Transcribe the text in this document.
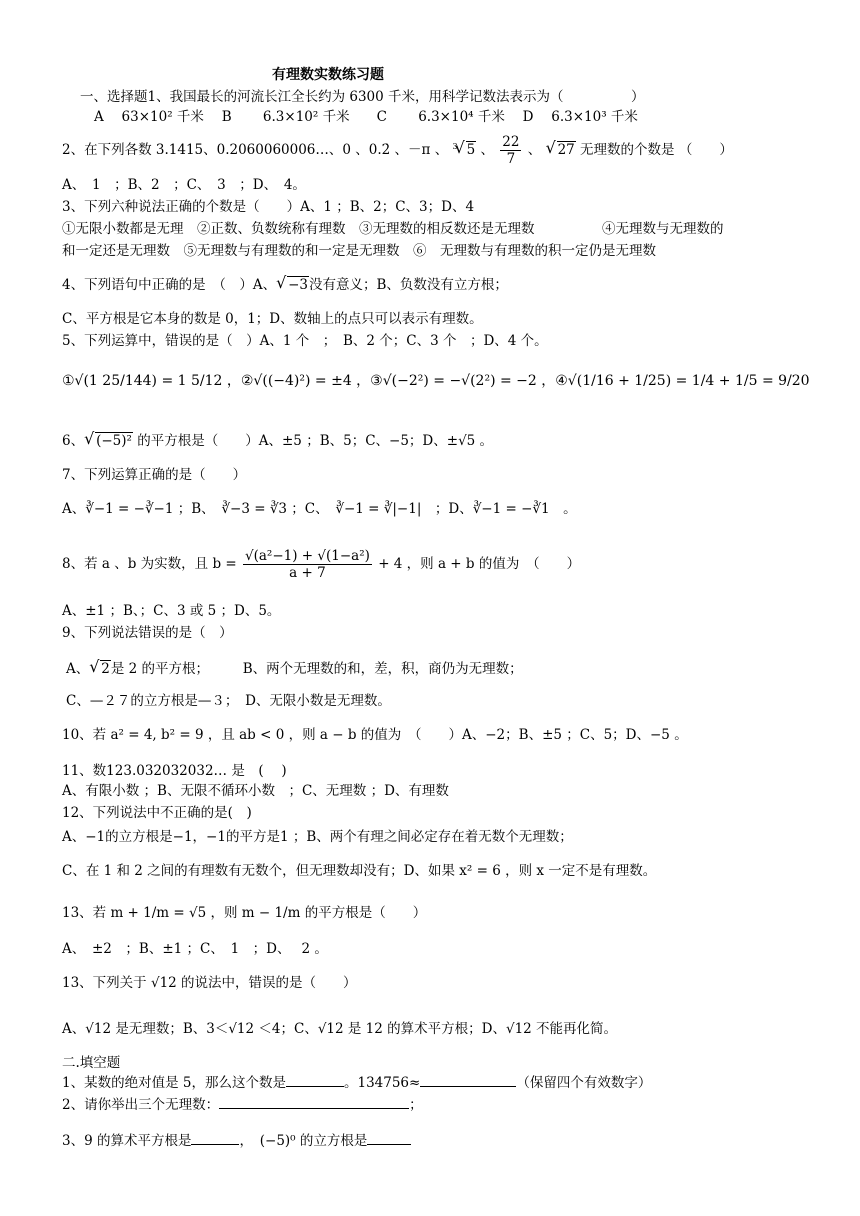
有理数实数练习题
一、选择题1、我国最长的河流长江全长约为 6300 千米，用科学记数法表示为（　　　　　）
A　 63×10² 千米　 B　　 6.3×10² 千米　　C　　 6.3×10⁴ 千米　 D　 6.3×10³ 千米
2、在下列各数 3.1415、0.2060060006…、0 、0.2̇ 、－π 、 $^3$ √ 5 、 $\frac{22}{7}$ 、 √ 27 无理数的个数是 （　　）
A、　1　；B、2　；C、　3　；D、　4。
3、下列六种说法正确的个数是（　　）A、1 ；B、2；C、3；D、4
①无限小数都是无理　②正数、负数统称有理数　③无理数的相反数还是无理数　　　　　④无理数与无理数的
和一定还是无理数　⑤无理数与有理数的和一定是无理数　⑥　无理数与有理数的积一定仍是无理数
4、下列语句中正确的是　（　）A、 √ −3没有意义；B、负数没有立方根；
C、平方根是它本身的数是 0，1；D、数轴上的点只可以表示有理数。
5、下列运算中，错误的是（　）A、1 个　；　B、2 个；C、3 个　；D、4 个。
①√(1 25/144) = 1 5/12 ，②√((−4)²) = ±4 ，③√(−2²) = −√(2²) = −2 ，④√(1/16 + 1/25) = 1/4 + 1/5 = 9/20
6、 √ (−5)² 的平方根是（　　）A、±5 ；B、5；C、−5；D、±√5 。
7、下列运算正确的是（　　）
A、∛−1 = −∛−1 ；B、　∛−3 = ∛3 ；C、　∛−1 = ∛|−1|　；D、∛−1 = −∛1　。
8、若 a 、b 为实数，且 $b = \frac{\text{√(a²−1) + √(1−a²)}}{a + 7} + 4$ ，则 a + b 的值为　（　　）
A、±1 ；B、；C、3 或 5 ；D、5。
9、下列说法错误的是（　）
A、 √ 2是 2 的平方根；　　　B、两个无理数的和，差，积，商仍为无理数；
C、—２７的立方根是—３；　D、无限小数是无理数。
10、若 a² = 4, b² = 9 ，且 ab < 0 ，则 a − b 的值为　（　　）A、−2；B、±5 ；C、5；D、−5 。
11、数123.032032032… 是　( 　)
A、有限小数 ；B、无限不循环小数　；C、无理数 ；D、有理数
12、下列说法中不正确的是(　)
A、−1的立方根是−1，−1的平方是1 ；B、两个有理之间必定存在着无数个无理数；
C、在 1 和 2 之间的有理数有无数个，但无理数却没有；D、如果 x² = 6 ，则 x 一定不是有理数。
13、若 m + 1/m = √5 ，则 m − 1/m 的平方根是（　　）
A、　±2　；B、±1 ；C、　1　；D、　 2 。
13、下列关于 √12 的说法中，错误的是（　　）
A、√12 是无理数；B、3＜√12 ＜4；C、√12 是 12 的算术平方根；D、√12 不能再化简。
二.填空题
1、某数的绝对值是 5，那么这个数是	。134756≈	（保留四个有效数字）
2、请你举出三个无理数：	；
3、9 的算术平方根是	，　(−5)⁰ 的立方根是
